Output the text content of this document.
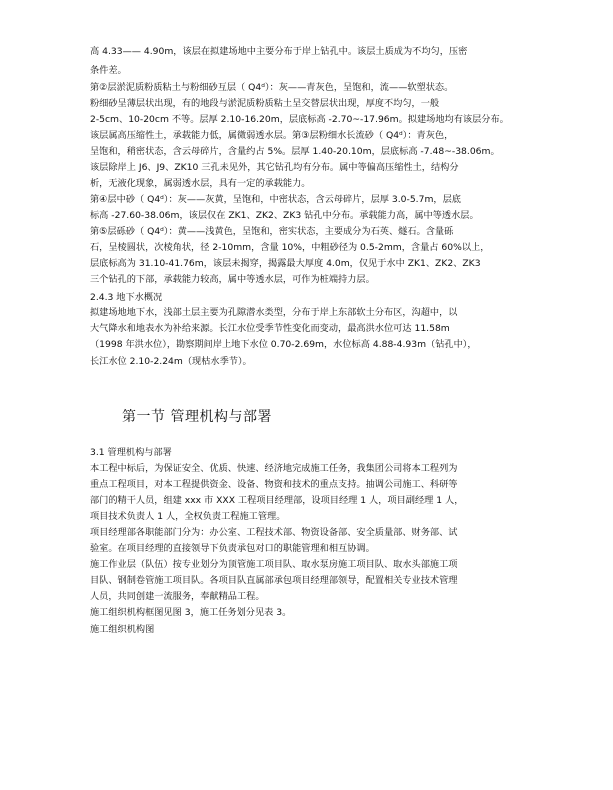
高 4.33—— 4.90m，该层在拟建场地中主要分布于岸上钻孔中。该层土质成为不均匀，压密
条件差。
第②层淤泥质粉质粘土与粉细砂互层（ Q4ᵈ）：灰——青灰色，呈饱和，流——软塑状态。
粉细砂呈薄层状出现，有的地段与淤泥质粉质粘土呈交替层状出现，厚度不均匀，一般
2-5cm、10-20cm 不等。层厚 2.10-16.20m，层底标高 -2.70~-17.96m。拟建场地均有该层分布。
该层属高压缩性土，承载能力低，属微弱透水层。第③层粉细水长流砂（ Q4ᵈ）：青灰色，
呈饱和，稍密状态，含云母碎片，含量约占 5%。层厚 1.40-20.10m，层底标高 -7.48~-38.06m。
该层除岸上 J6、J9、ZK10 三孔未见外，其它钻孔均有分布。属中等偏高压缩性土，结构分
析，无液化现象，属弱透水层，具有一定的承载能力。
第④层中砂（ Q4ᵈ）：灰——灰黄，呈饱和，中密状态，含云母碎片，层厚 3.0-5.7m，层底
标高 -27.60-38.06m，该层仅在 ZK1、ZK2、ZK3 钻孔中分布。承载能力高，属中等透水层。
第⑤层砾砂（ Q4ᵈ）：黄——浅黄色，呈饱和，密实状态，主要成分为石英、燧石。含量砾
石，呈棱圆状，次棱角状，径 2-10mm，含量 10%，中粗砂径为 0.5-2mm，含量占 60%以上，
层底标高为 31.10-41.76m，该层未揭穿，揭露最大厚度 4.0m，仅见于水中 ZK1、ZK2、ZK3
三个钻孔的下部，承载能力较高，属中等透水层，可作为桩端持力层。
2.4.3 地下水概况
拟建场地地下水，浅部土层主要为孔隙潜水类型，分布于岸上东部软土分布区，沟超中，以
大气降水和地表水为补给来源。长江水位受季节性变化而变动，最高洪水位可达 11.58m
（1998 年洪水位），勘察期间岸上地下水位 0.70-2.69m，水位标高 4.88-4.93m（钻孔中），
长江水位 2.10-2.24m（现枯水季节）。
第一节 管理机构与部署
3.1 管理机构与部署
本工程中标后，为保证安全、优质、快速、经济地完成施工任务，我集团公司将本工程列为
重点工程项目，对本工程提供资金、设备、物资和技术的重点支持。抽调公司施工、科研等
部门的精干人员，组建 xxx 市 XXX 工程项目经理部，设项目经理 1 人，项目副经理 1 人，
项目技术负责人 1 人，全权负责工程施工管理。
项目经理部各职能部门分为：办公室、工程技术部、物资设备部、安全质量部、财务部、试
验室。在项目经理的直接领导下负责承包对口的职能管理和相互协调。
施工作业层（队伍）按专业划分为顶管施工项目队、取水泵房施工项目队、取水头部施工项
目队、钢制卷管施工项目队。各项目队直属部承包项目经理部领导，配置相关专业技术管理
人员，共同创建一流服务，奉献精品工程。
施工组织机构框图见图 3，施工任务划分见表 3。
施工组织机构图
